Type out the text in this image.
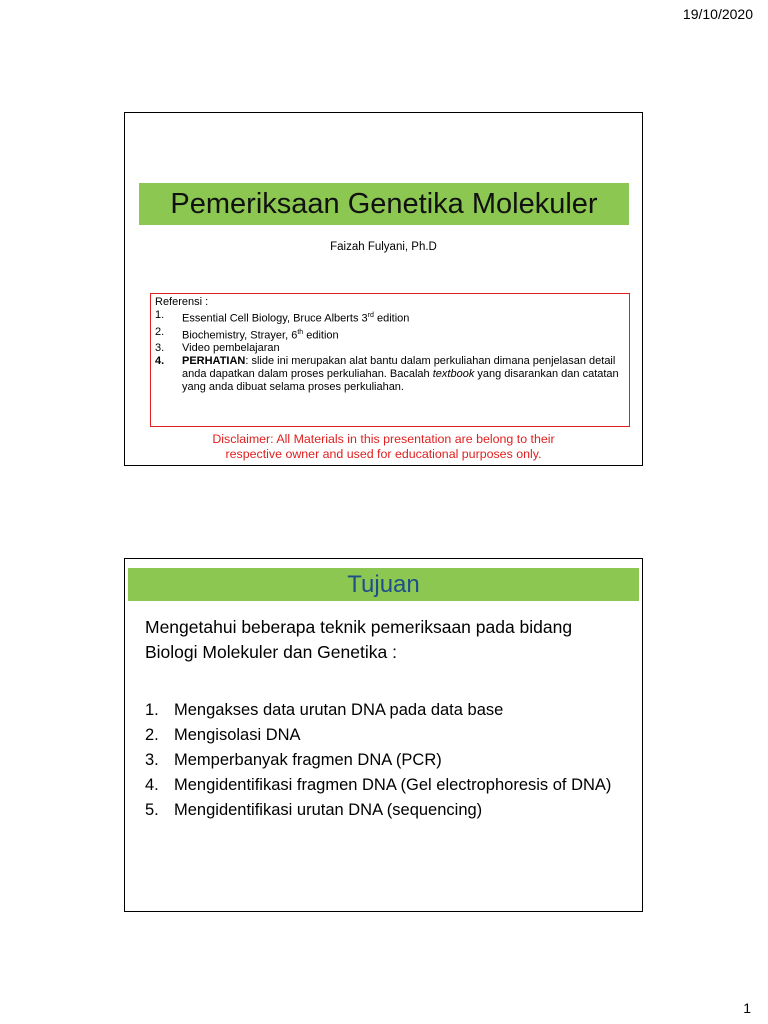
19/10/2020
Pemeriksaan Genetika Molekuler
Faizah Fulyani, Ph.D
Referensi :
1. Essential Cell Biology, Bruce Alberts 3rd edition
2. Biochemistry, Strayer, 6th edition
3. Video pembelajaran
4. PERHATIAN: slide ini merupakan alat bantu dalam perkuliahan dimana penjelasan detail anda dapatkan dalam proses perkuliahan. Bacalah textbook yang disarankan dan catatan yang anda dibuat selama proses perkuliahan.
Disclaimer: All Materials in this presentation are belong to their
respective owner and used for educational purposes only.
Tujuan
Mengetahui beberapa teknik pemeriksaan pada bidang Biologi Molekuler dan Genetika :
1. Mengakses data urutan DNA pada data base
2. Mengisolasi DNA
3. Memperbanyak fragmen DNA (PCR)
4. Mengidentifikasi fragmen DNA (Gel electrophoresis of DNA)
5. Mengidentifikasi urutan DNA (sequencing)
1
